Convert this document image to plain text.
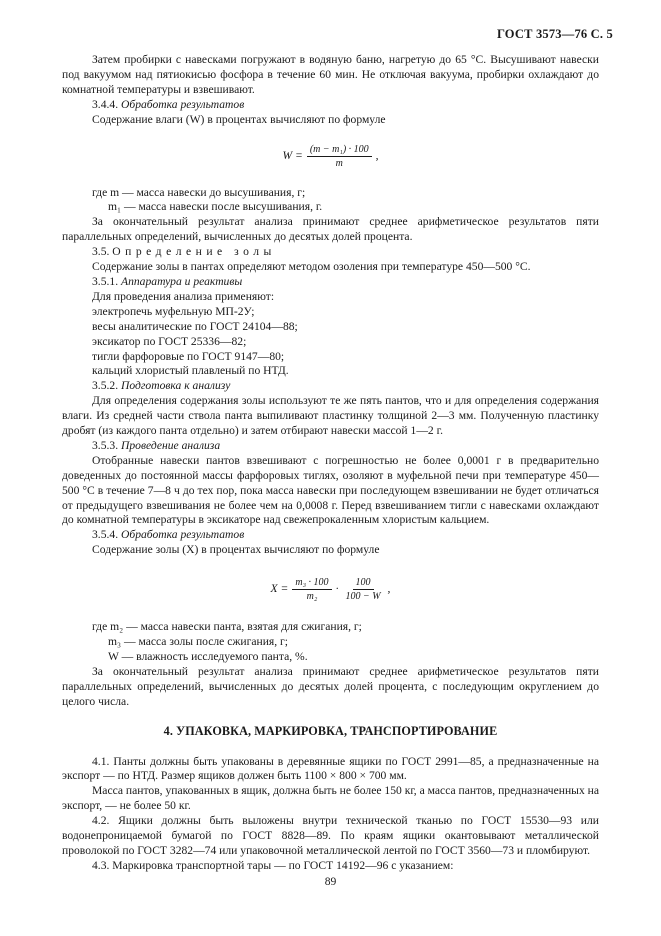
ГОСТ 3573—76 С. 5

Затем пробирки с навесками погружают в водяную баню, нагретую до 65 °С. Высушивают навески под вакуумом над пятиокисью фосфора в течение 60 мин. Не отключая вакуума, пробирки охлаждают до комнатной температуры и взвешивают.

3.4.4. Обработка результатов

Содержание влаги (W) в процентах вычисляют по формуле

$W = \frac{\text{(m − m₁) · 100}}{m}$ ,

где m — масса навески до высушивания, г;

m₁ — масса навески после высушивания, г.

За окончательный результат анализа принимают среднее арифметическое результатов пяти параллельных определений, вычисленных до десятых долей процента.

3.5. Определение золы

Содержание золы в пантах определяют методом озоления при температуре 450—500 °С.

3.5.1. Аппаратура и реактивы

Для проведения анализа применяют:

электропечь муфельную МП-2У;

весы аналитические по ГОСТ 24104—88;

эксикатор по ГОСТ 25336—82;

тигли фарфоровые по ГОСТ 9147—80;

кальций хлористый плавленый по НТД.

3.5.2. Подготовка к анализу

Для определения содержания золы используют те же пять пантов, что и для определения содержания влаги. Из средней части ствола панта выпиливают пластинку толщиной 2—3 мм. Полученную пластинку дробят (из каждого панта отдельно) и затем отбирают навески массой 1—2 г.

3.5.3. Проведение анализа

Отобранные навески пантов взвешивают с погрешностью не более 0,0001 г в предварительно доведенных до постоянной массы фарфоровых тиглях, озоляют в муфельной печи при температуре 450—500 °С в течение 7—8 ч до тех пор, пока масса навески при последующем взвешивании не будет отличаться от предыдущего взвешивания не более чем на 0,0008 г. Перед взвешиванием тигли с навесками охлаждают до комнатной температуры в эксикаторе над свежепрокаленным хлористым кальцием.

3.5.4. Обработка результатов

Содержание золы (X) в процентах вычисляют по формуле

$X = \frac{\text{m₃ · 100}}{\text{m₂}} \cdot \frac{100}{100 - W}$ ,

где m₂ — масса навески панта, взятая для сжигания, г;

m₃ — масса золы после сжигания, г;

W — влажность исследуемого панта, %.

За окончательный результат анализа принимают среднее арифметическое результатов пяти параллельных определений, вычисленных до десятых долей процента, с последующим округлением до целого числа.

4. УПАКОВКА, МАРКИРОВКА, ТРАНСПОРТИРОВАНИЕ

4.1. Панты должны быть упакованы в деревянные ящики по ГОСТ 2991—85, а предназначенные на экспорт — по НТД. Размер ящиков должен быть 1100 × 800 × 700 мм.

Масса пантов, упакованных в ящик, должна быть не более 150 кг, а масса пантов, предназначенных на экспорт, — не более 50 кг.

4.2. Ящики должны быть выложены внутри технической тканью по ГОСТ 15530—93 или водонепроницаемой бумагой по ГОСТ 8828—89. По краям ящики окантовывают металлической проволокой по ГОСТ 3282—74 или упаковочной металлической лентой по ГОСТ 3560—73 и пломбируют.

4.3. Маркировка транспортной тары — по ГОСТ 14192—96 с указанием:

89
